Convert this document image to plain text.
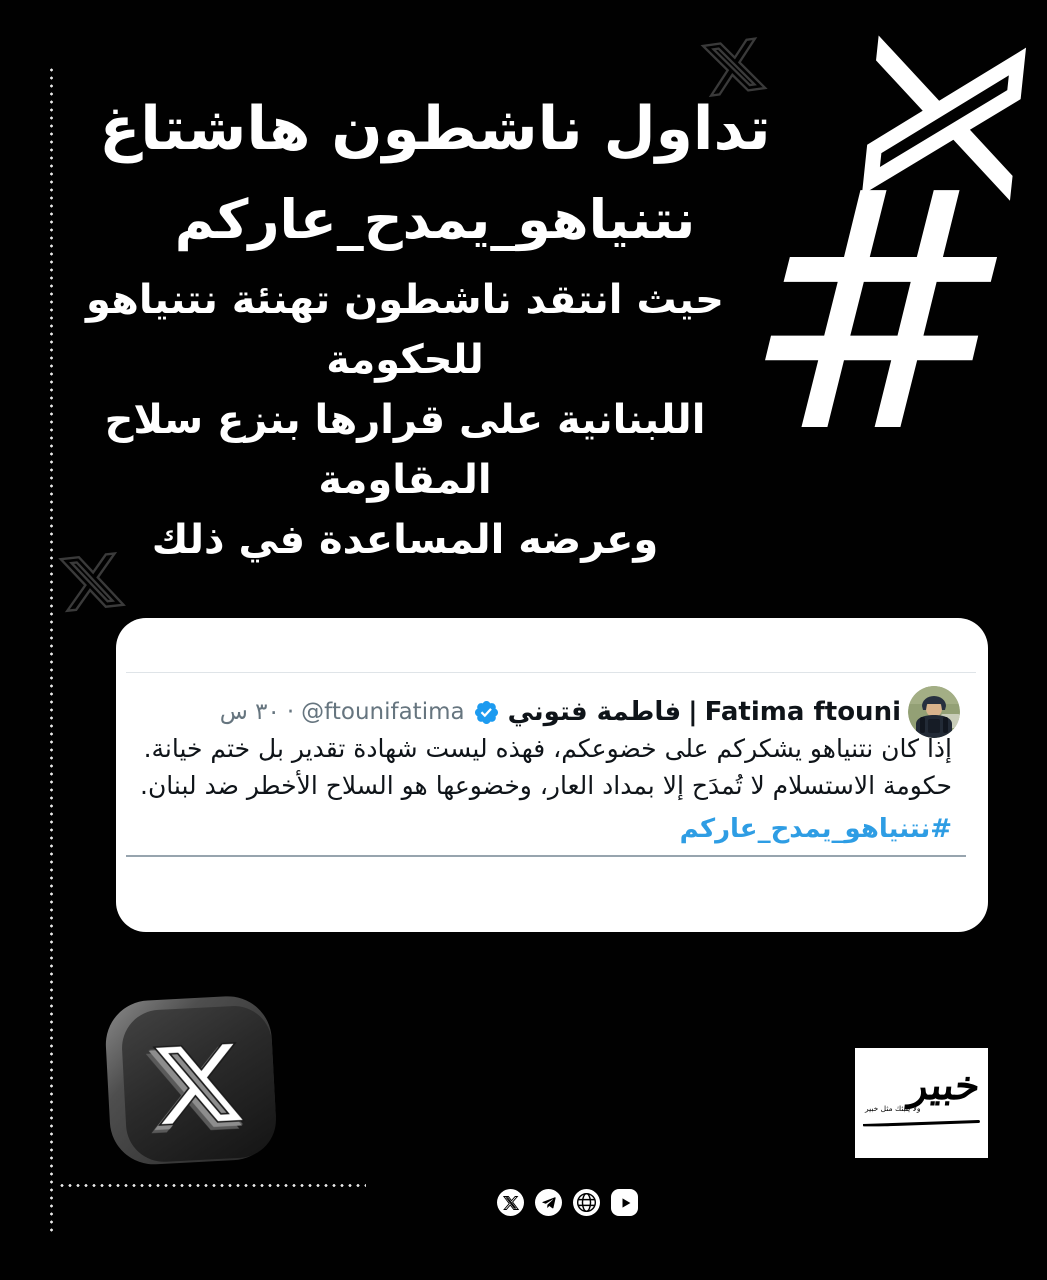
#
تداول ناشطون هاشتاغ
نتنياهو_يمدح_عاركم
حيث انتقد ناشطون تهنئة نتنياهو للحكومة
اللبنانية على قرارها بنزع سلاح المقاومة
وعرضه المساعدة في ذلك
٣٠ س · @ftounifatima فاطمة فتوني | Fatima ftouni
إذا كان نتنياهو يشكركم على خضوعكم، فهذه ليست شهادة تقدير بل ختم خيانة.
حكومة الاستسلام لا تُمدَح إلا بمداد العار، وخضوعها هو السلاح الأخطر ضد لبنان.
#نتنياهو_يمدح_عاركم
خبير
ولا ينبئك مثل خبير
